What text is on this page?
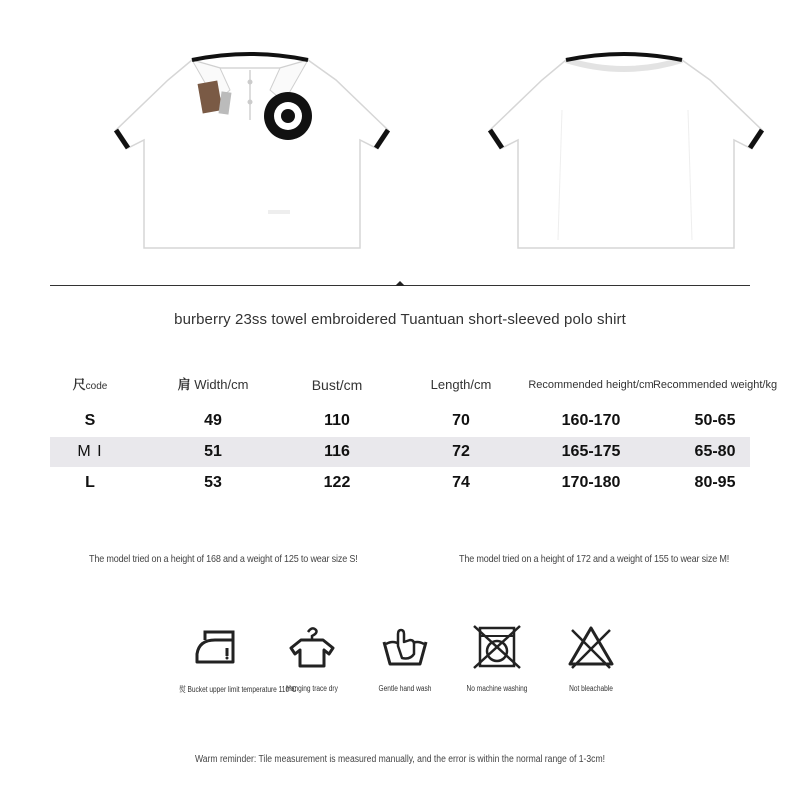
burberry 23ss towel embroidered Tuantuan short-sleeved polo shirt
尺code	肩 Width/cm	Bust/cm	Length/cm	Recommended height/cm Recommended weight/kg
S	49	110	70	160-170	50-65
M I	51	116	72	165-175	65-80
L	53	122	74	170-180	80-95
The model tried on a height of 168 and a weight of 125 to wear size S!	The model tried on a height of 172 and a weight of 155 to wear size M!
熨 Bucket upper limit temperature 110°C
Hanging trace dry	Gentle hand wash	No machine washing	Not bleachable
Warm reminder: Tile measurement is measured manually, and the error is within the normal range of 1-3cm!
